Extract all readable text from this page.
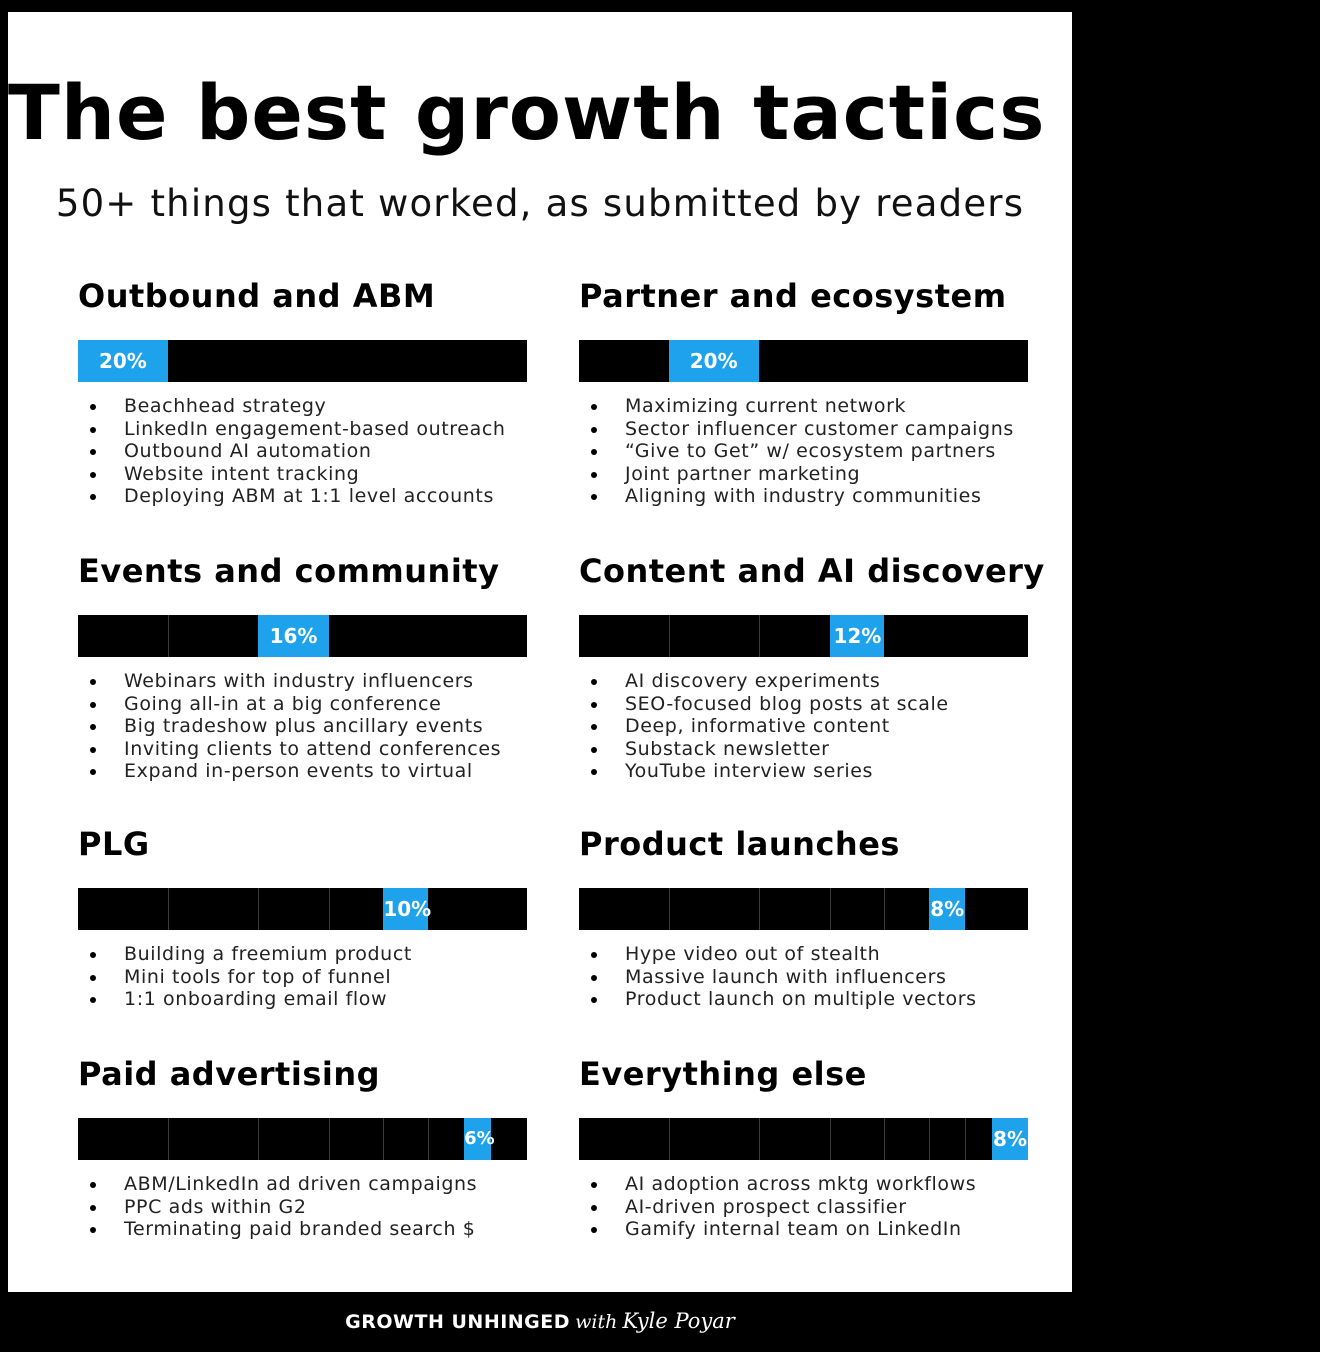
The best growth tactics of '25
50+ things that worked, as submitted by readers
Outbound and ABM
20%
Beachhead strategy
LinkedIn engagement-based outreach
Outbound AI automation
Website intent tracking
Deploying ABM at 1:1 level accounts
Partner and ecosystem
20%
Maximizing current network
Sector influencer customer campaigns
“Give to Get” w/ ecosystem partners
Joint partner marketing
Aligning with industry communities
Events and community
16%
Webinars with industry influencers
Going all-in at a big conference
Big tradeshow plus ancillary events
Inviting clients to attend conferences
Expand in-person events to virtual
Content and AI discovery
12%
AI discovery experiments
SEO-focused blog posts at scale
Deep, informative content
Substack newsletter
YouTube interview series
PLG
10%
Building a freemium product
Mini tools for top of funnel
1:1 onboarding email flow
Product launches
8%
Hype video out of stealth
Massive launch with influencers
Product launch on multiple vectors
Paid advertising
6%
ABM/LinkedIn ad driven campaigns
PPC ads within G2
Terminating paid branded search $
Everything else
8%
AI adoption across mktg workflows
AI-driven prospect classifier
Gamify internal team on LinkedIn
GROWTH UNHINGED with Kyle Poyar
